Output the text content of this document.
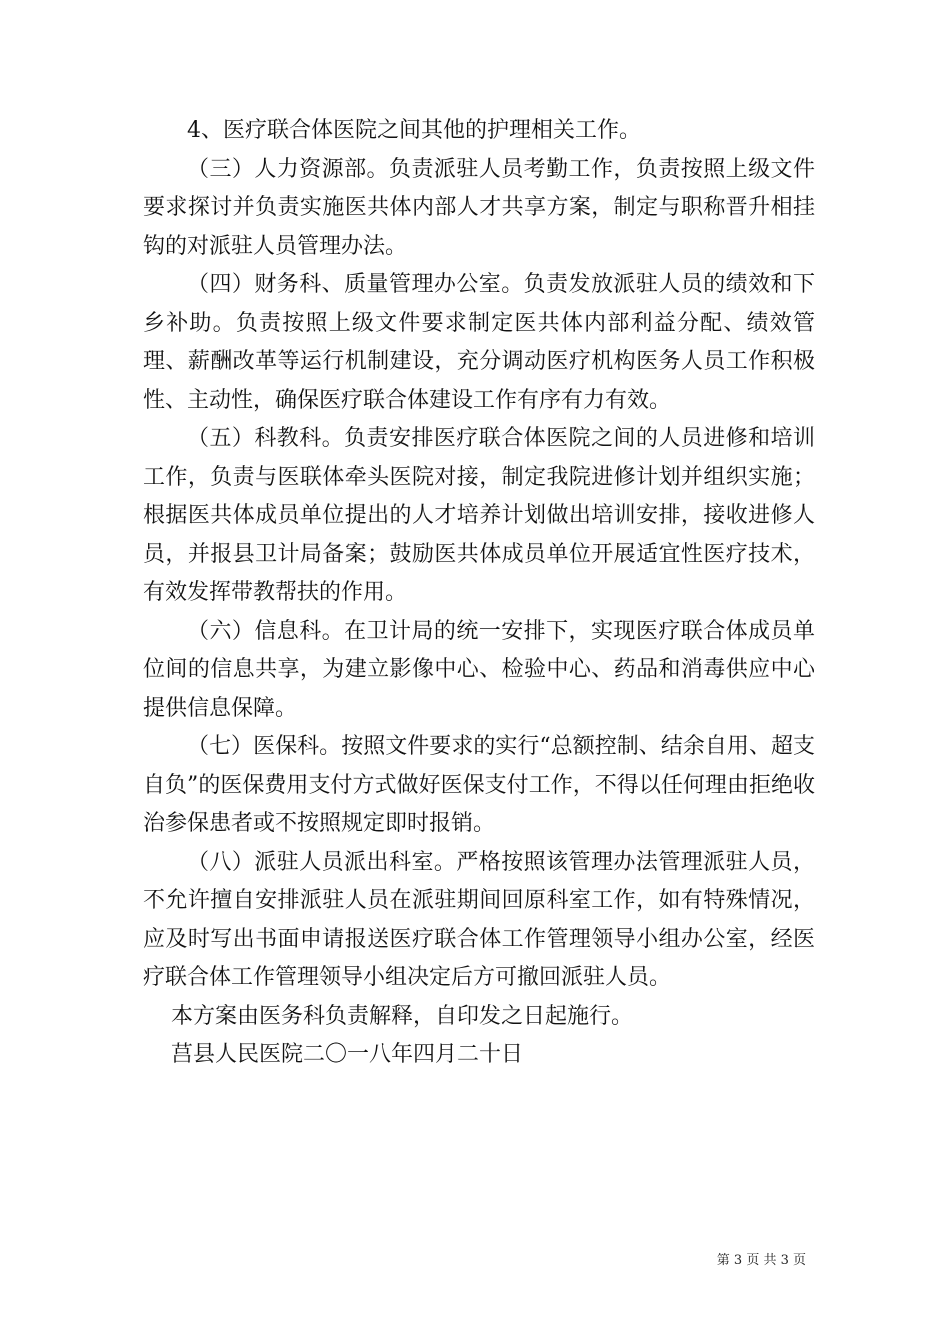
4、医疗联合体医院之间其他的护理相关工作。

（三）人力资源部。负责派驻人员考勤工作，负责按照上级文件要求探讨并负责实施医共体内部人才共享方案，制定与职称晋升相挂钩的对派驻人员管理办法。

（四）财务科、质量管理办公室。负责发放派驻人员的绩效和下乡补助。负责按照上级文件要求制定医共体内部利益分配、绩效管理、薪酬改革等运行机制建设，充分调动医疗机构医务人员工作积极性、主动性，确保医疗联合体建设工作有序有力有效。

（五）科教科。负责安排医疗联合体医院之间的人员进修和培训工作，负责与医联体牵头医院对接，制定我院进修计划并组织实施；根据医共体成员单位提出的人才培养计划做出培训安排，接收进修人员，并报县卫计局备案；鼓励医共体成员单位开展适宜性医疗技术，有效发挥带教帮扶的作用。

（六）信息科。在卫计局的统一安排下，实现医疗联合体成员单位间的信息共享，为建立影像中心、检验中心、药品和消毒供应中心提供信息保障。

（七）医保科。按照文件要求的实行“总额控制、结余自用、超支自负”的医保费用支付方式做好医保支付工作，不得以任何理由拒绝收治参保患者或不按照规定即时报销。

（八）派驻人员派出科室。严格按照该管理办法管理派驻人员，不允许擅自安排派驻人员在派驻期间回原科室工作，如有特殊情况，应及时写出书面申请报送医疗联合体工作管理领导小组办公室，经医疗联合体工作管理领导小组决定后方可撤回派驻人员。

本方案由医务科负责解释，自印发之日起施行。

莒县人民医院二〇一八年四月二十日

第 3 页 共 3 页
